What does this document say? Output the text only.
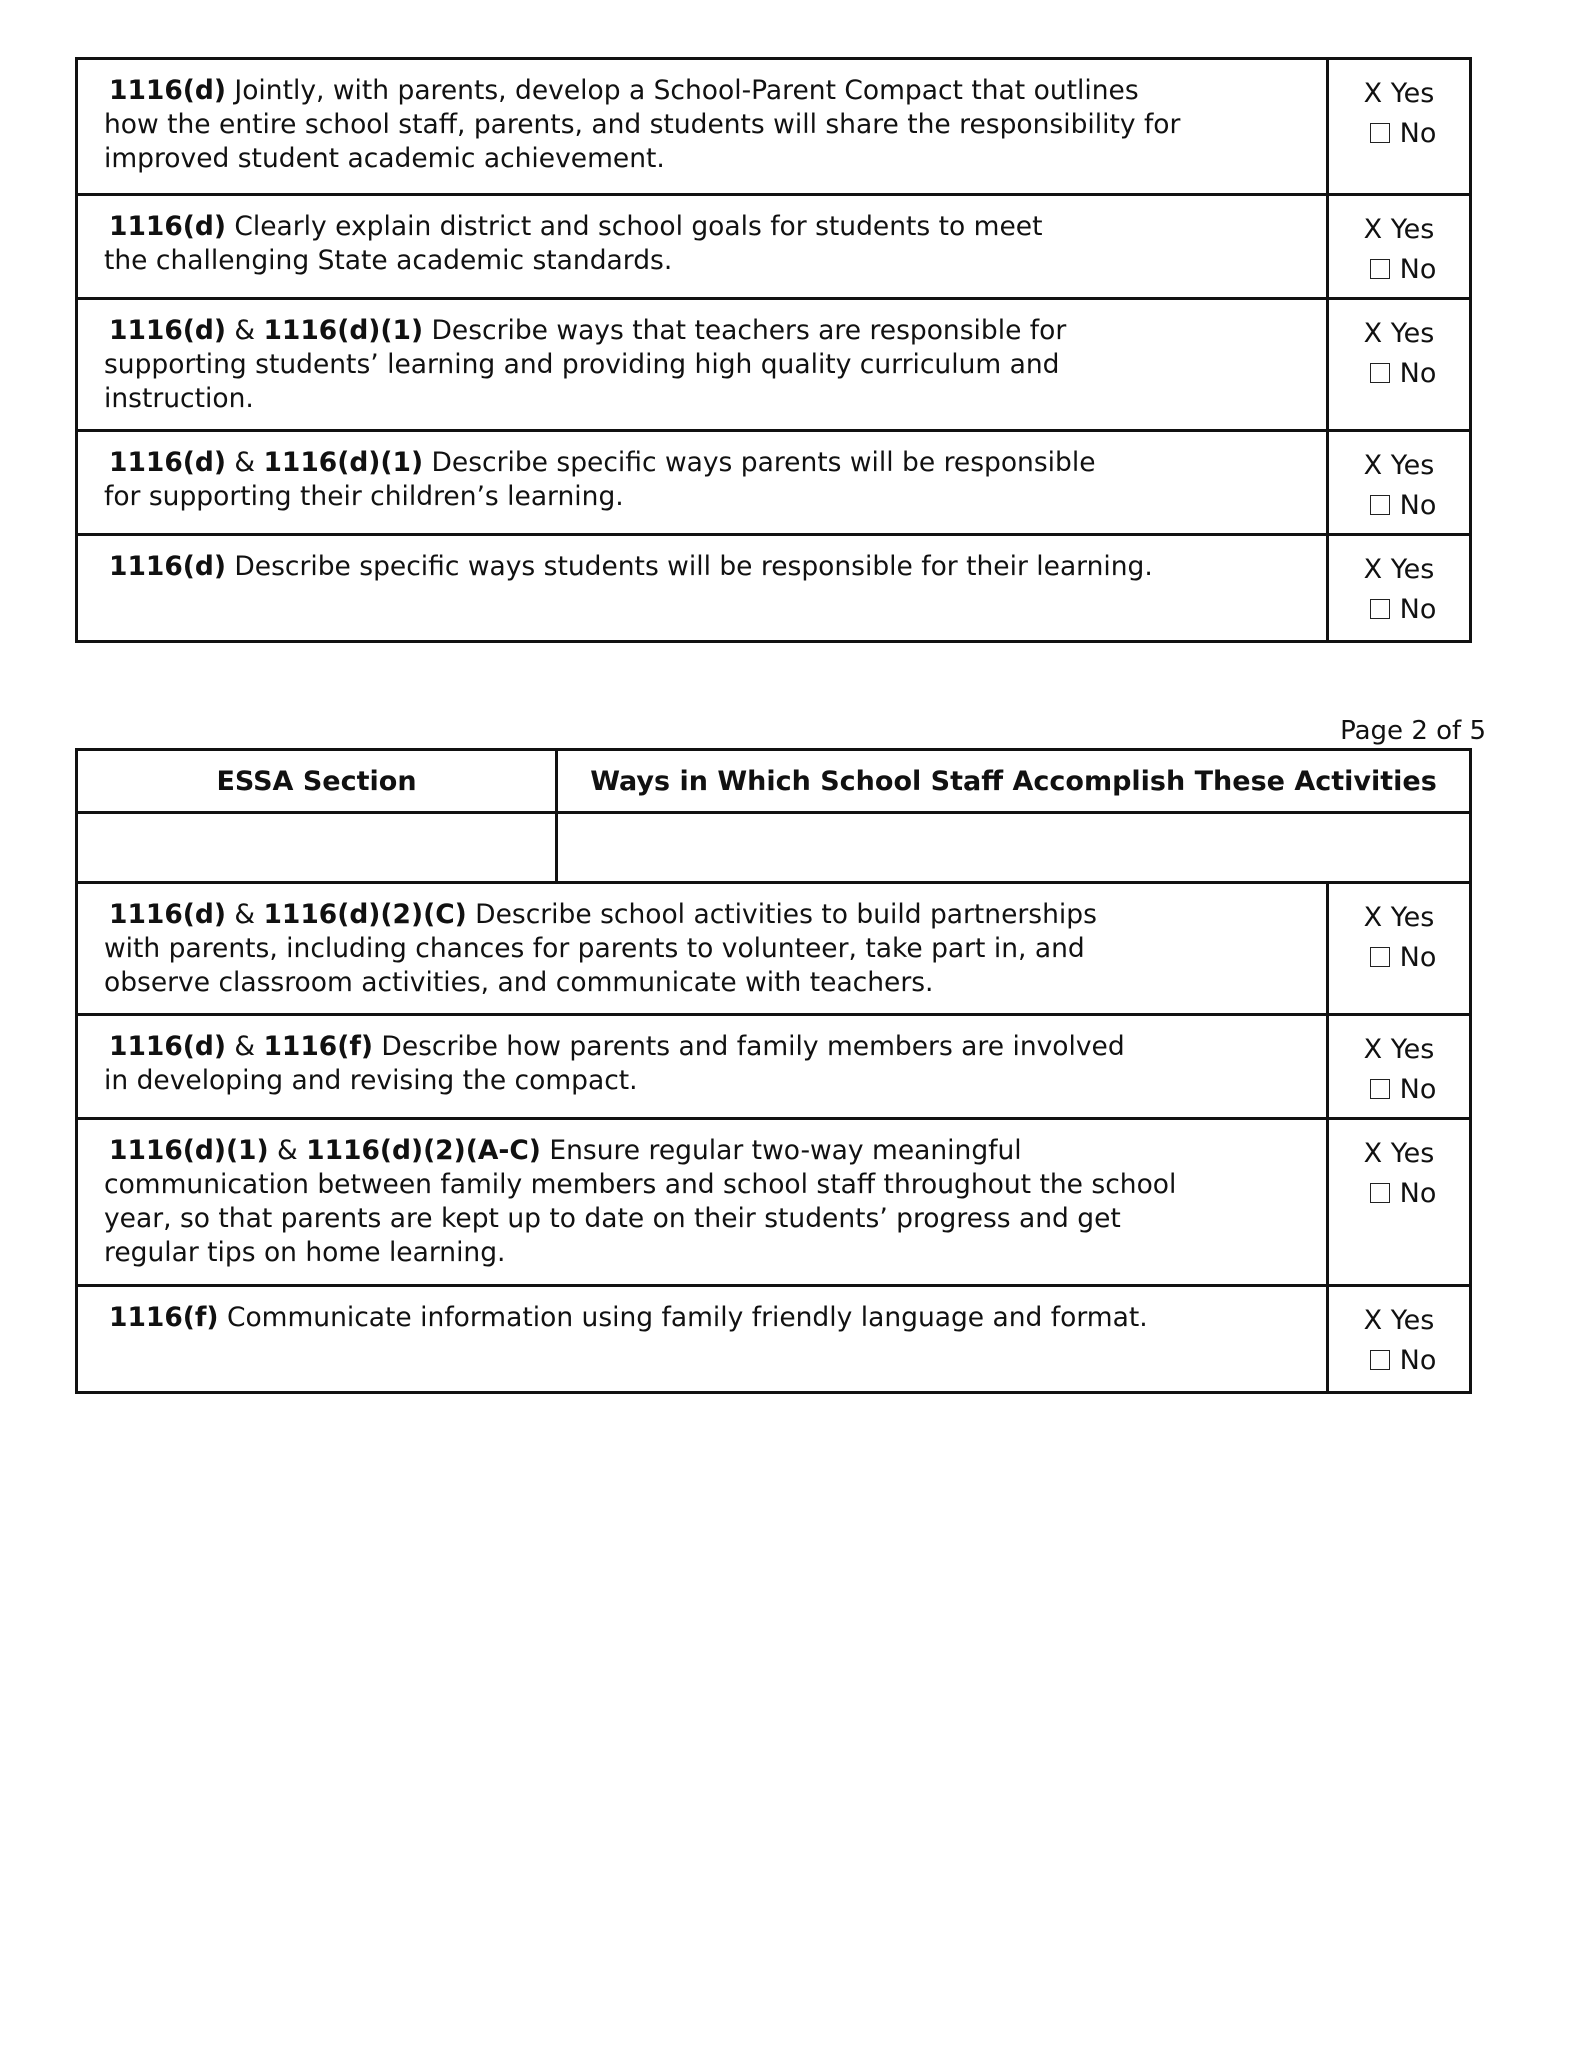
1116(d) Jointly, with parents, develop a School-Parent Compact that outlines
how the entire school staff, parents, and students will share the responsibility for
improved student academic achievement.
X Yes
No
1116(d) Clearly explain district and school goals for students to meet
the challenging State academic standards.
X Yes
No
1116(d) & 1116(d)(1) Describe ways that teachers are responsible for
supporting students’ learning and providing high quality curriculum and
instruction.
X Yes
No
1116(d) & 1116(d)(1) Describe specific ways parents will be responsible
for supporting their children’s learning.
X Yes
No
1116(d) Describe specific ways students will be responsible for their learning.	X Yes
No
Page 2 of 5
ESSA Section	Ways in Which School Staff Accomplish These Activities
1116(d) & 1116(d)(2)(C) Describe school activities to build partnerships
with parents, including chances for parents to volunteer, take part in, and
observe classroom activities, and communicate with teachers.
X Yes
No
1116(d) & 1116(f) Describe how parents and family members are involved
in developing and revising the compact.
X Yes
No
1116(d)(1) & 1116(d)(2)(A-C) Ensure regular two-way meaningful
communication between family members and school staff throughout the school
year, so that parents are kept up to date on their students’ progress and get
regular tips on home learning.
X Yes
No
1116(f) Communicate information using family friendly language and format.	X Yes
No
